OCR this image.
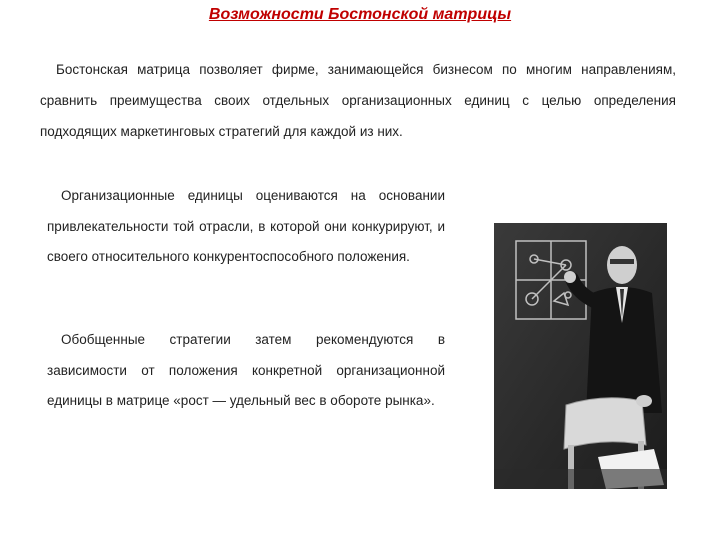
Возможности Бостонской матрицы
Бостонская матрица позволяет фирме, занимающейся бизнесом по многим направлениям, сравнить преимущества своих отдельных организационных единиц с целью определения подходящих маркетинговых стратегий для каждой из них.
Организационные единицы оцениваются на основании привлекательности той отрасли, в которой они конкурируют, и своего относительного конкурентоспособного положения.
Обобщенные стратегии затем рекомендуются в зависимости от положения конкретной организационной единицы в матрице «рост — удельный вес в обороте рынка».
